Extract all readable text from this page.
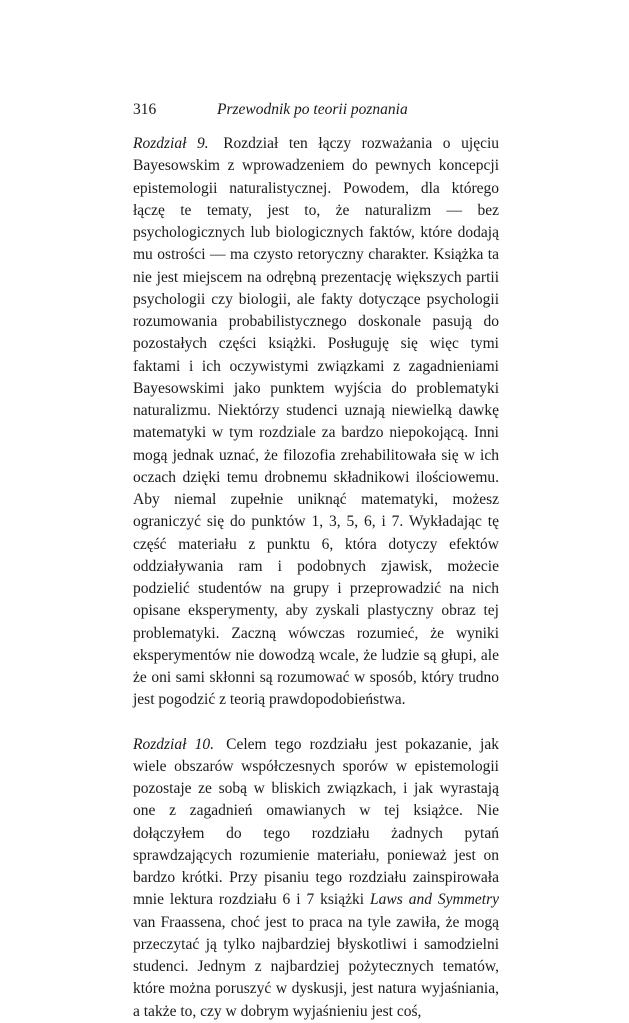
316	Przewodnik po teorii poznania

Rozdział 9. Rozdział ten łączy rozważania o ujęciu Bayesowskim z wprowadzeniem do pewnych koncepcji epistemologii naturalistycznej. Powodem, dla którego łączę te tematy, jest to, że naturalizm — bez psychologicznych lub biologicznych faktów, które dodają mu ostrości — ma czysto retoryczny charakter. Książka ta nie jest miejscem na odrębną prezentację większych partii psychologii czy biologii, ale fakty dotyczące psychologii rozumowania probabilistycznego doskonale pasują do pozostałych części książki. Posługuję się więc tymi faktami i ich oczywistymi związkami z zagadnieniami Bayesowskimi jako punktem wyjścia do problematyki naturalizmu. Niektórzy studenci uznają niewielką dawkę matematyki w tym rozdziale za bardzo niepokojącą. Inni mogą jednak uznać, że filozofia zrehabilitowała się w ich oczach dzięki temu drobnemu składnikowi ilościowemu. Aby niemal zupełnie uniknąć matematyki, możesz ograniczyć się do punktów 1, 3, 5, 6, i 7. Wykładając tę część materiału z punktu 6, która dotyczy efektów oddziaływania ram i podobnych zjawisk, możecie podzielić studentów na grupy i przeprowadzić na nich opisane eksperymenty, aby zyskali plastyczny obraz tej problematyki. Zaczną wówczas rozumieć, że wyniki eksperymentów nie dowodzą wcale, że ludzie są głupi, ale że oni sami skłonni są rozumować w sposób, który trudno jest pogodzić z teorią prawdopodobieństwa.

Rozdział 10. Celem tego rozdziału jest pokazanie, jak wiele obszarów współczesnych sporów w epistemologii pozostaje ze sobą w bliskich związkach, i jak wyrastają one z zagadnień omawianych w tej książce. Nie dołączyłem do tego rozdziału żadnych pytań sprawdzających rozumienie materiału, ponieważ jest on bardzo krótki. Przy pisaniu tego rozdziału zainspirowała mnie lektura rozdziału 6 i 7 książki Laws and Symmetry van Fraassena, choć jest to praca na tyle zawiła, że mogą przeczytać ją tylko najbardziej błyskotliwi i samodzielni studenci. Jednym z najbardziej pożytecznych tematów, które można poruszyć w dyskusji, jest natura wyjaśniania, a także to, czy w dobrym wyjaśnieniu jest coś,
